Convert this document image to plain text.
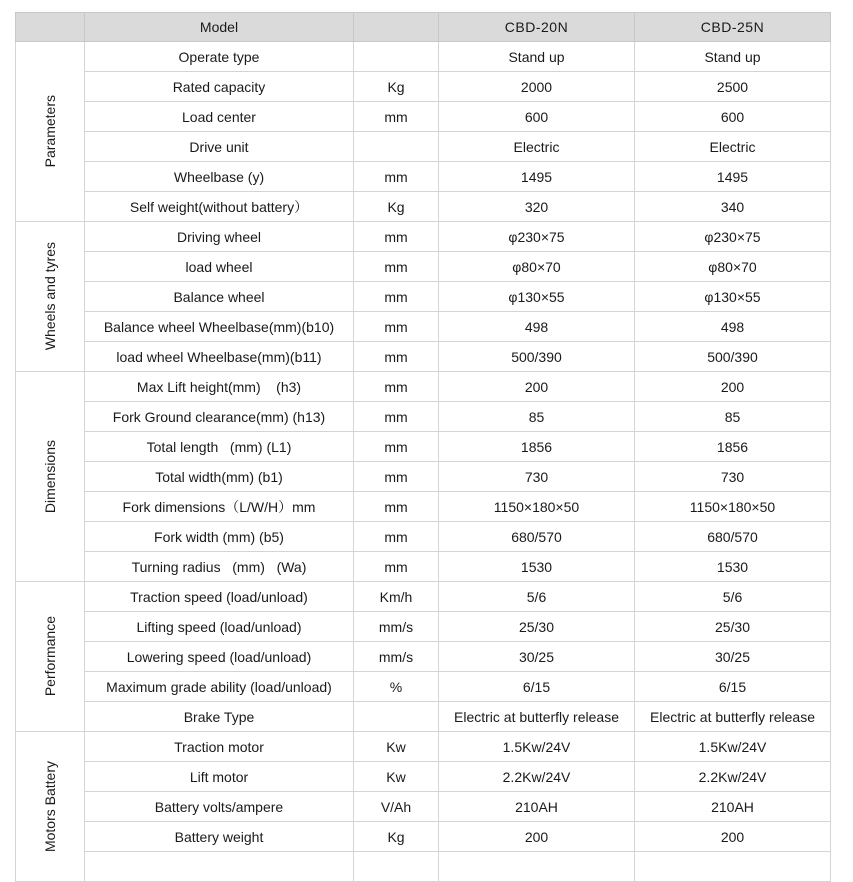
	Model		CBD-20N	CBD-25N

Parameters	Operate type		Stand up	Stand up
	Rated capacity	Kg	2000	2500
	Load center	mm	600	600
	Drive unit		Electric	Electric
	Wheelbase (y)	mm	1495	1495
	Self weight(without battery）	Kg	320	340

Wheels and tyres	Driving wheel	mm	φ230×75	φ230×75
	load wheel	mm	φ80×70	φ80×70
	Balance wheel	mm	φ130×55	φ130×55
	Balance wheel Wheelbase(mm)(b10)	mm	498	498
	load wheel Wheelbase(mm)(b11)	mm	500/390	500/390

Dimensions	Max Lift height(mm)    (h3)	mm	200	200
	Fork Ground clearance(mm) (h13)	mm	85	85
	Total length   (mm) (L1)	mm	1856	1856
	Total width(mm) (b1)	mm	730	730
	Fork dimensions（L/W/H）mm	mm	1150×180×50	1150×180×50
	Fork width (mm) (b5)	mm	680/570	680/570
	Turning radius   (mm)   (Wa)	mm	1530	1530

Performance	Traction speed (load/unload)	Km/h	5/6	5/6
	Lifting speed (load/unload)	mm/s	25/30	25/30
	Lowering speed (load/unload)	mm/s	30/25	30/25
	Maximum grade ability (load/unload)	%	6/15	6/15
	Brake Type		Electric at butterfly release	Electric at butterfly release

Motors Battery	Traction motor	Kw	1.5Kw/24V	1.5Kw/24V
	Lift motor	Kw	2.2Kw/24V	2.2Kw/24V
	Battery volts/ampere	V/Ah	210AH	210AH
	Battery weight	Kg	200	200
